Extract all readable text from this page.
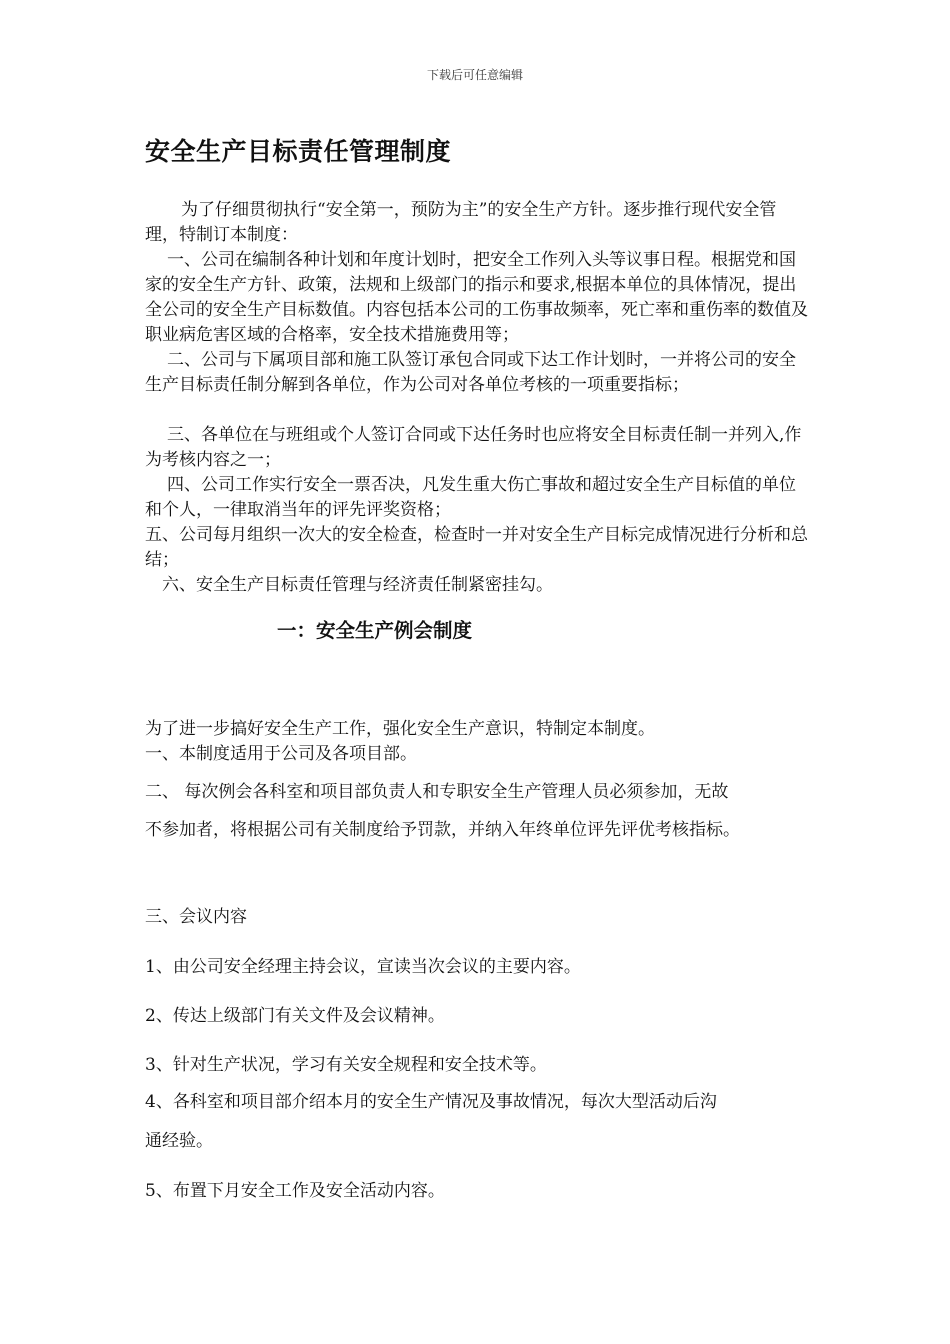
下载后可任意编辑
安全生产目标责任管理制度

为了仔细贯彻执行“安全第一，预防为主”的安全生产方针。逐步推行现代安全管理，特制订本制度：

一、公司在编制各种计划和年度计划时，把安全工作列入头等议事日程。根据党和国家的安全生产方针、政策，法规和上级部门的指示和要求,根据本单位的具体情况，提出全公司的安全生产目标数值。内容包括本公司的工伤事故频率，死亡率和重伤率的数值及职业病危害区域的合格率，安全技术措施费用等；

二、公司与下属项目部和施工队签订承包合同或下达工作计划时，一并将公司的安全生产目标责任制分解到各单位，作为公司对各单位考核的一项重要指标；

三、各单位在与班组或个人签订合同或下达任务时也应将安全目标责任制一并列入,作为考核内容之一；

四、公司工作实行安全一票否决，凡发生重大伤亡事故和超过安全生产目标值的单位和个人，一律取消当年的评先评奖资格；

五、公司每月组织一次大的安全检查，检查时一并对安全生产目标完成情况进行分析和总结；

六、安全生产目标责任管理与经济责任制紧密挂勾。

一：安全生产例会制度

为了进一步搞好安全生产工作，强化安全生产意识，特制定本制度。

一、本制度适用于公司及各项目部。

二、 每次例会各科室和项目部负责人和专职安全生产管理人员必须参加，无故

不参加者，将根据公司有关制度给予罚款，并纳入年终单位评先评优考核指标。

三、会议内容

1、由公司安全经理主持会议，宣读当次会议的主要内容。

2、传达上级部门有关文件及会议精神。

3、针对生产状况，学习有关安全规程和安全技术等。

4、各科室和项目部介绍本月的安全生产情况及事故情况，每次大型活动后沟

通经验。

5、布置下月安全工作及安全活动内容。
